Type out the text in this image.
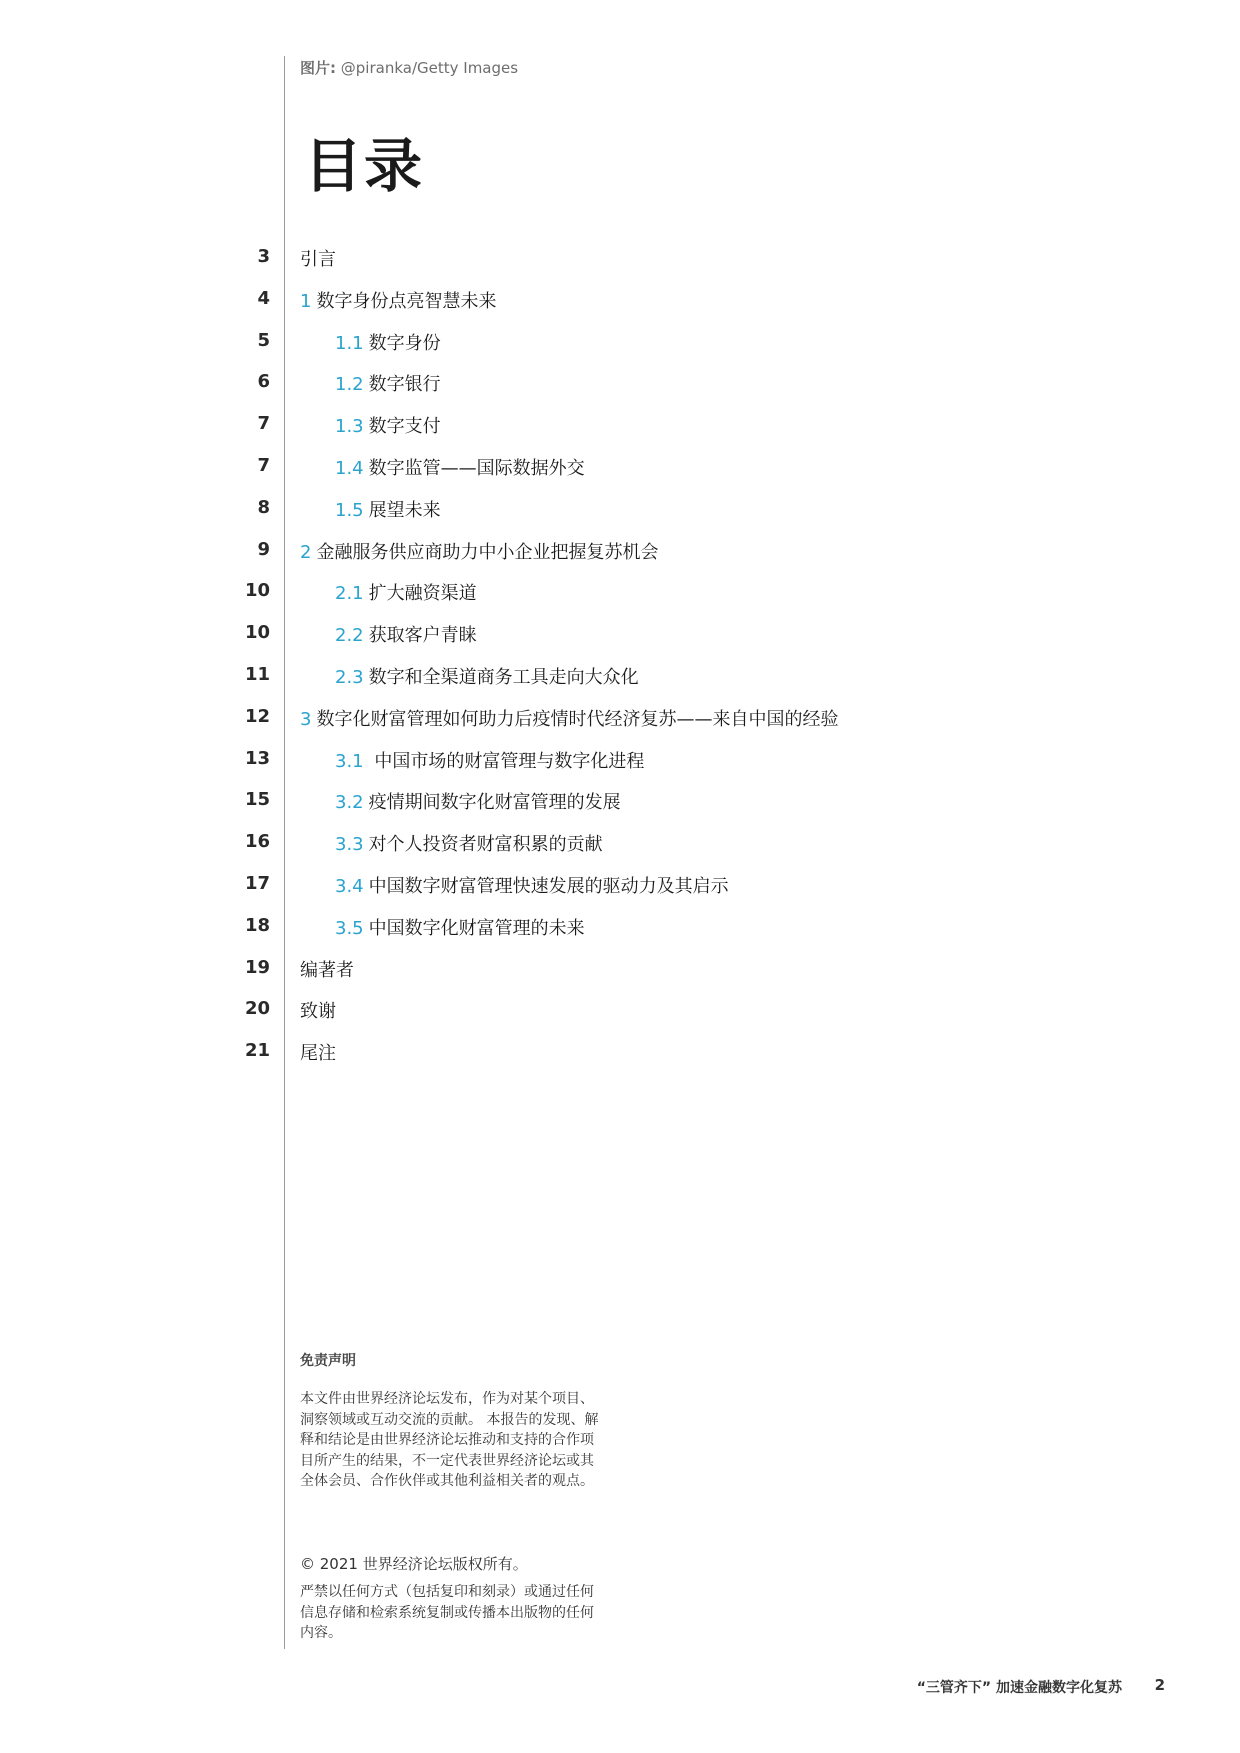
图片: @piranka/Getty Images
目录
3 引言
4 1 数字身份点亮智慧未来
5	1.1 数字身份
6	1.2 数字银行
7	1.3 数字支付
7	1.4 数字监管——国际数据外交
8	1.5 展望未来
9 2 金融服务供应商助力中小企业把握复苏机会
10	2.1 扩大融资渠道
10	2.2 获取客户青睐
11	2.3 数字和全渠道商务工具走向大众化
12 3 数字化财富管理如何助力后疫情时代经济复苏——来自中国的经验
13	3.1 中国市场的财富管理与数字化进程
15	3.2 疫情期间数字化财富管理的发展
16	3.3 对个人投资者财富积累的贡献
17	3.4 中国数字财富管理快速发展的驱动力及其启示
18	3.5 中国数字化财富管理的未来
19 编著者
20 致谢
21 尾注
免责声明

本文件由世界经济论坛发布，作为对某个项目、洞察领域或互动交流的贡献。 本报告的发现、解释和结论是由世界经济论坛推动和支持的合作项目所产生的结果，不一定代表世界经济论坛或其全体会员、合作伙伴或其他利益相关者的观点。

© 2021 世界经济论坛版权所有。

严禁以任何方式（包括复印和刻录）或通过任何信息存储和检索系统复制或传播本出版物的任何内容。

“三管齐下” 加速金融数字化复苏 2
